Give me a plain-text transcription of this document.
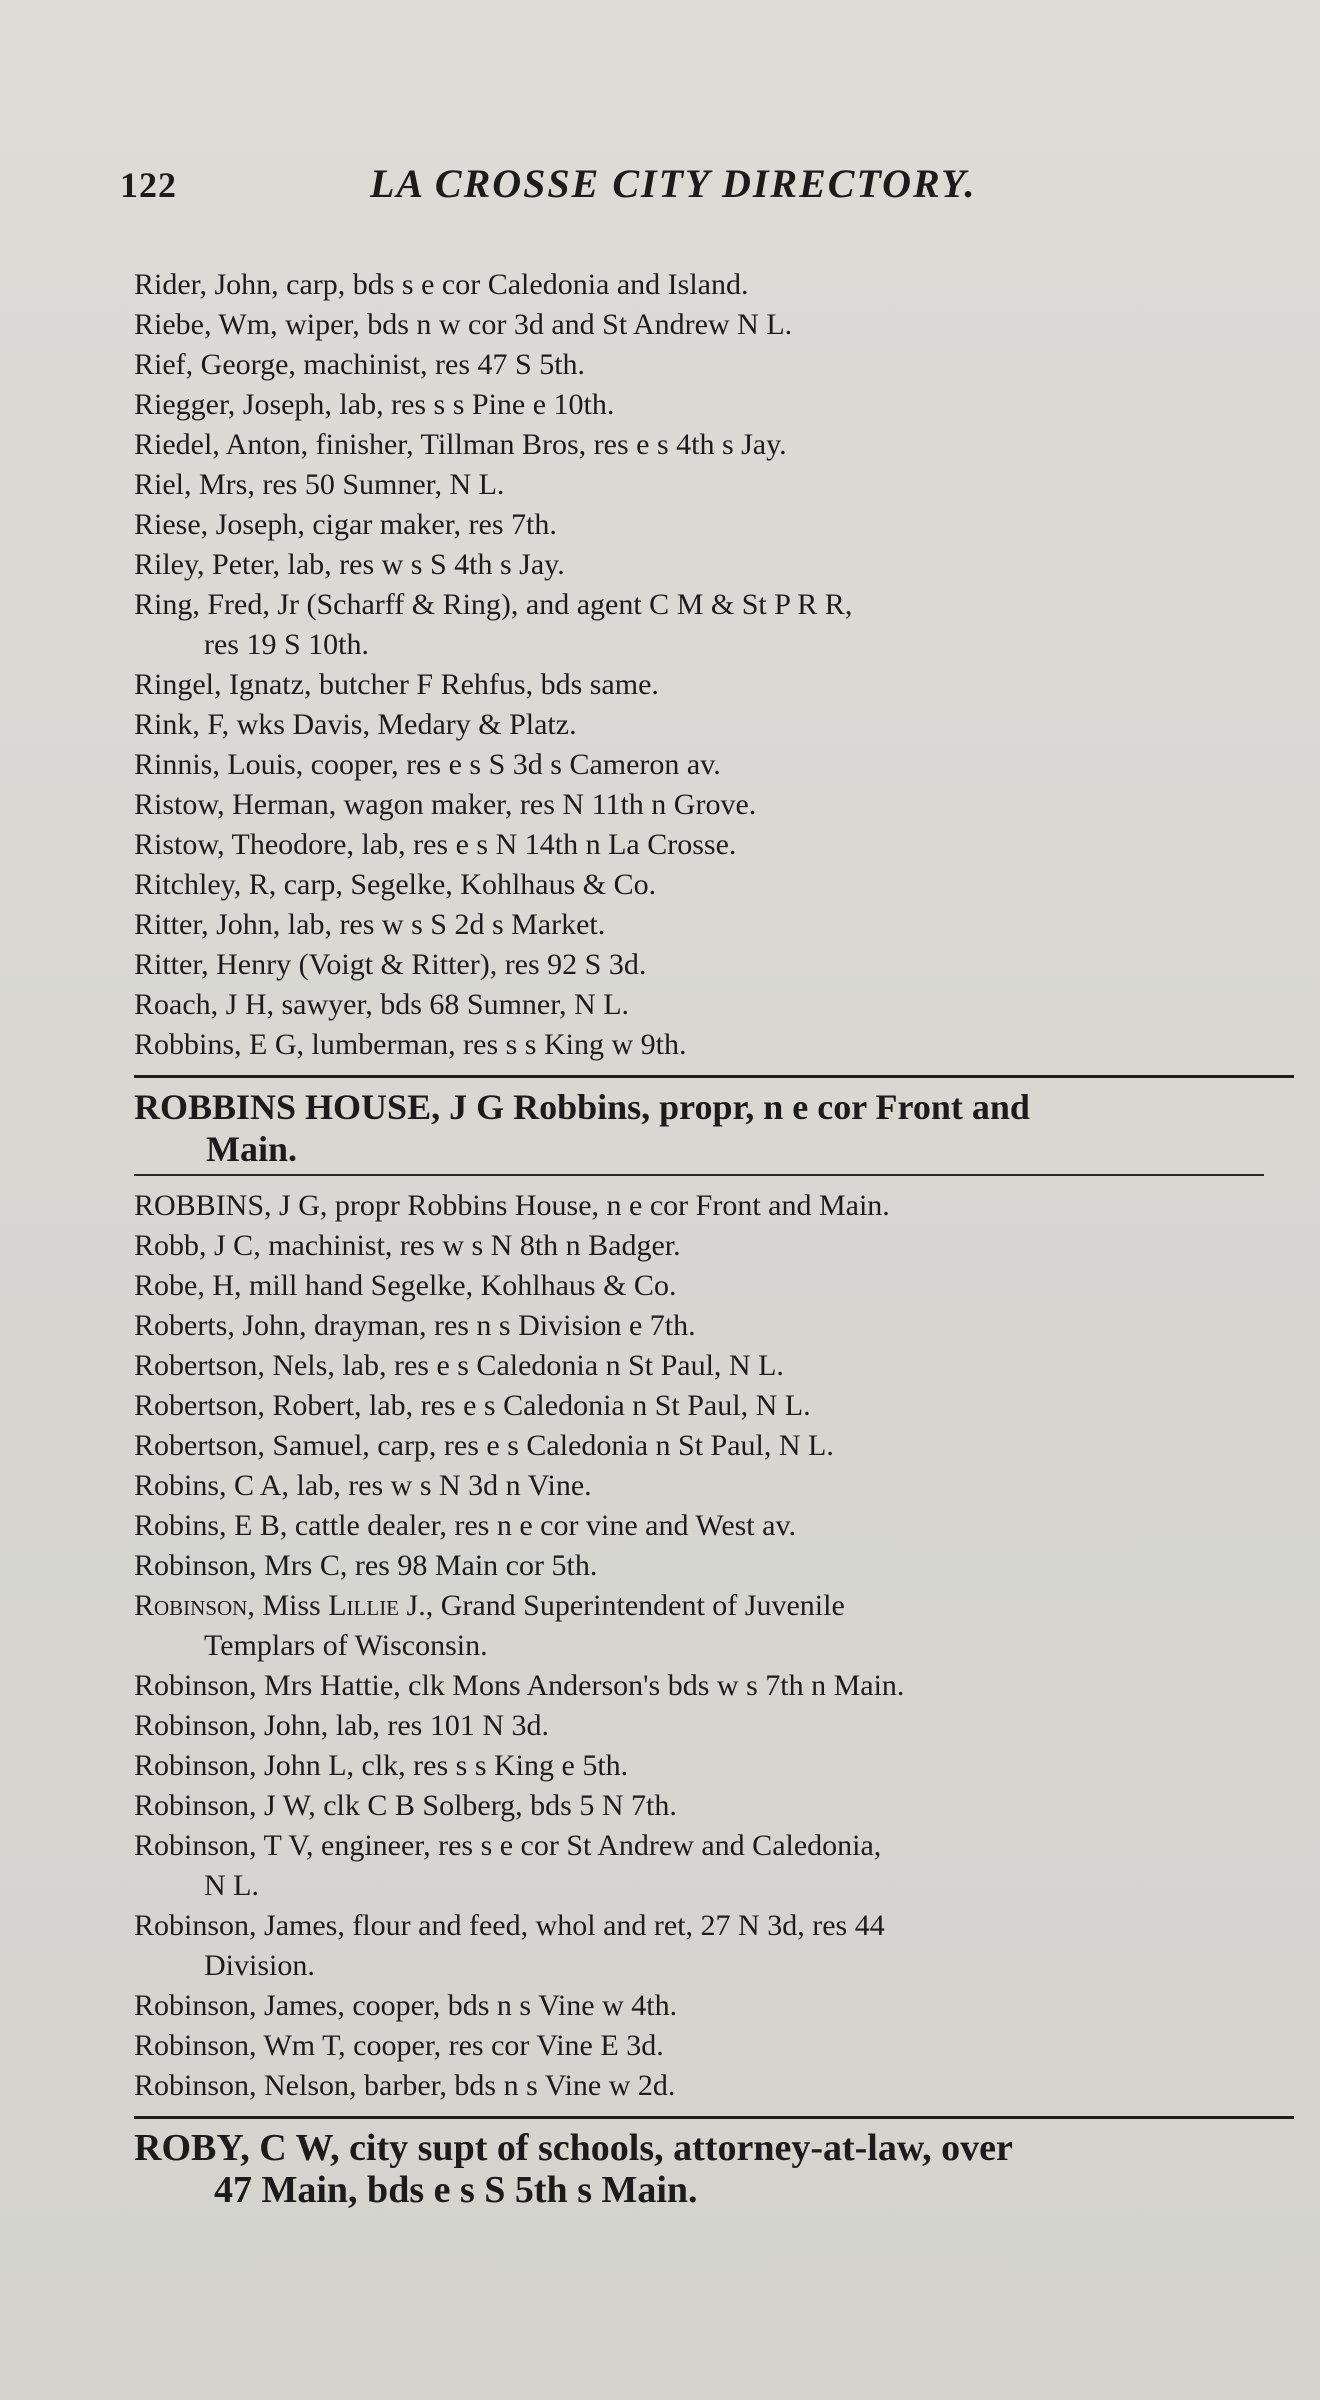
122	LA CROSSE CITY DIRECTORY.
Rider, John, carp, bds s e cor Caledonia and Island.
Riebe, Wm, wiper, bds n w cor 3d and St Andrew N L.
Rief, George, machinist, res 47 S 5th.
Riegger, Joseph, lab, res s s Pine e 10th.
Riedel, Anton, finisher, Tillman Bros, res e s 4th s Jay.
Riel, Mrs, res 50 Sumner, N L.
Riese, Joseph, cigar maker, res 7th.
Riley, Peter, lab, res w s S 4th s Jay.
Ring, Fred, Jr (Scharff & Ring), and agent C M & St P R R,
res 19 S 10th.
Ringel, Ignatz, butcher F Rehfus, bds same.
Rink, F, wks Davis, Medary & Platz.
Rinnis, Louis, cooper, res e s S 3d s Cameron av.
Ristow, Herman, wagon maker, res N 11th n Grove.
Ristow, Theodore, lab, res e s N 14th n La Crosse.
Ritchley, R, carp, Segelke, Kohlhaus & Co.
Ritter, John, lab, res w s S 2d s Market.
Ritter, Henry (Voigt & Ritter), res 92 S 3d.
Roach, J H, sawyer, bds 68 Sumner, N L.
Robbins, E G, lumberman, res s s King w 9th.
ROBBINS HOUSE, J G Robbins, propr, n e cor Front and
Main.
ROBBINS, J G, propr Robbins House, n e cor Front and Main.
Robb, J C, machinist, res w s N 8th n Badger.
Robe, H, mill hand Segelke, Kohlhaus & Co.
Roberts, John, drayman, res n s Division e 7th.
Robertson, Nels, lab, res e s Caledonia n St Paul, N L.
Robertson, Robert, lab, res e s Caledonia n St Paul, N L.
Robertson, Samuel, carp, res e s Caledonia n St Paul, N L.
Robins, C A, lab, res w s N 3d n Vine.
Robins, E B, cattle dealer, res n e cor vine and West av.
Robinson, Mrs C, res 98 Main cor 5th.
Robinson, Miss Lillie J., Grand Superintendent of Juvenile
Templars of Wisconsin.
Robinson, Mrs Hattie, clk Mons Anderson's bds w s 7th n Main.
Robinson, John, lab, res 101 N 3d.
Robinson, John L, clk, res s s King e 5th.
Robinson, J W, clk C B Solberg, bds 5 N 7th.
Robinson, T V, engineer, res s e cor St Andrew and Caledonia,
N L.
Robinson, James, flour and feed, whol and ret, 27 N 3d, res 44
Division.
Robinson, James, cooper, bds n s Vine w 4th.
Robinson, Wm T, cooper, res cor Vine E 3d.
Robinson, Nelson, barber, bds n s Vine w 2d.
ROBY, C W, city supt of schools, attorney-at-law, over
47 Main, bds e s S 5th s Main.
